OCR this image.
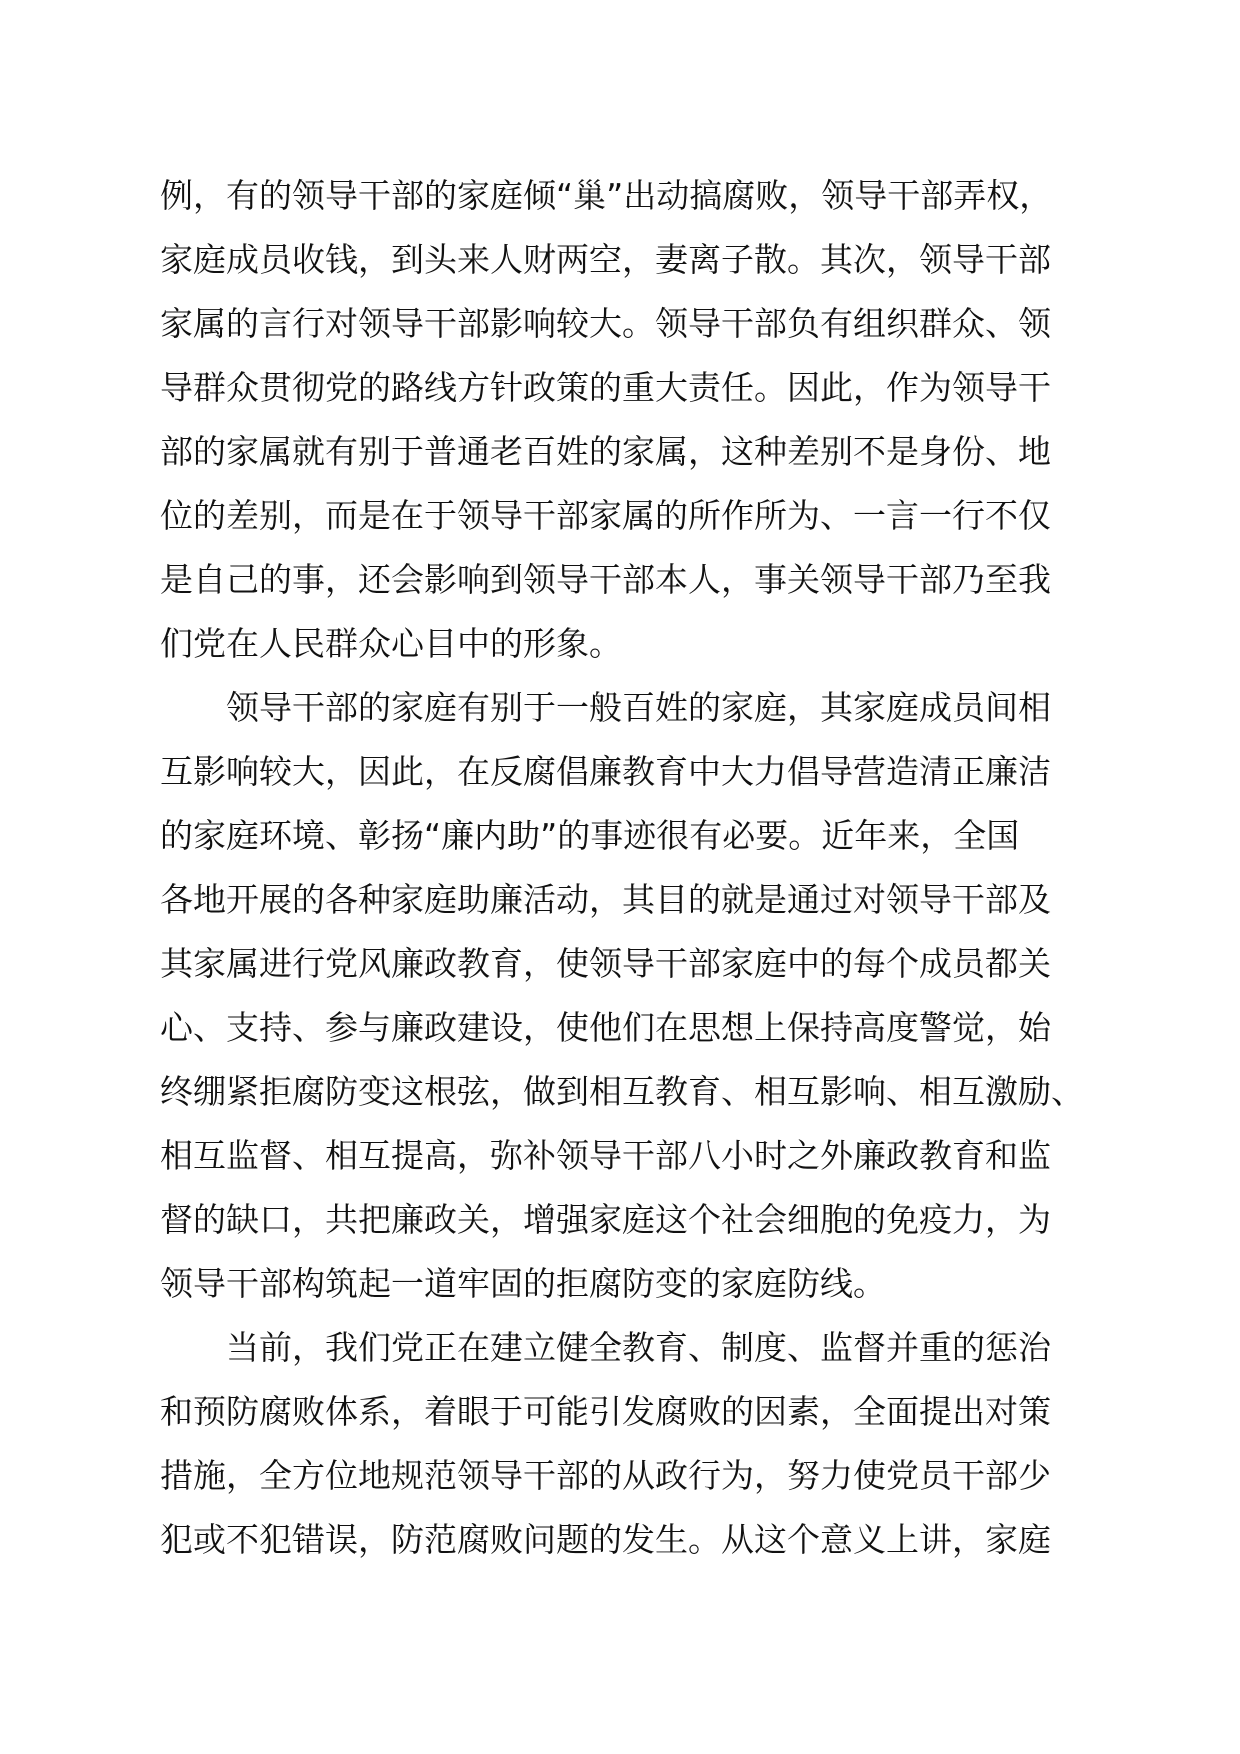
例，有的领导干部的家庭倾“巢”出动搞腐败，领导干部弄权，
家庭成员收钱，到头来人财两空，妻离子散。其次，领导干部
家属的言行对领导干部影响较大。领导干部负有组织群众、领
导群众贯彻党的路线方针政策的重大责任。因此，作为领导干
部的家属就有别于普通老百姓的家属，这种差别不是身份、地
位的差别，而是在于领导干部家属的所作所为、一言一行不仅
是自己的事，还会影响到领导干部本人，事关领导干部乃至我
们党在人民群众心目中的形象。
领导干部的家庭有别于一般百姓的家庭，其家庭成员间相
互影响较大，因此，在反腐倡廉教育中大力倡导营造清正廉洁
的家庭环境、彰扬“廉内助”的事迹很有必要。近年来，全国
各地开展的各种家庭助廉活动，其目的就是通过对领导干部及
其家属进行党风廉政教育，使领导干部家庭中的每个成员都关
心、支持、参与廉政建设，使他们在思想上保持高度警觉，始
终绷紧拒腐防变这根弦，做到相互教育、相互影响、相互激励、
相互监督、相互提高，弥补领导干部八小时之外廉政教育和监
督的缺口，共把廉政关，增强家庭这个社会细胞的免疫力，为
领导干部构筑起一道牢固的拒腐防变的家庭防线。
当前，我们党正在建立健全教育、制度、监督并重的惩治
和预防腐败体系，着眼于可能引发腐败的因素，全面提出对策
措施，全方位地规范领导干部的从政行为，努力使党员干部少
犯或不犯错误，防范腐败问题的发生。从这个意义上讲，家庭
